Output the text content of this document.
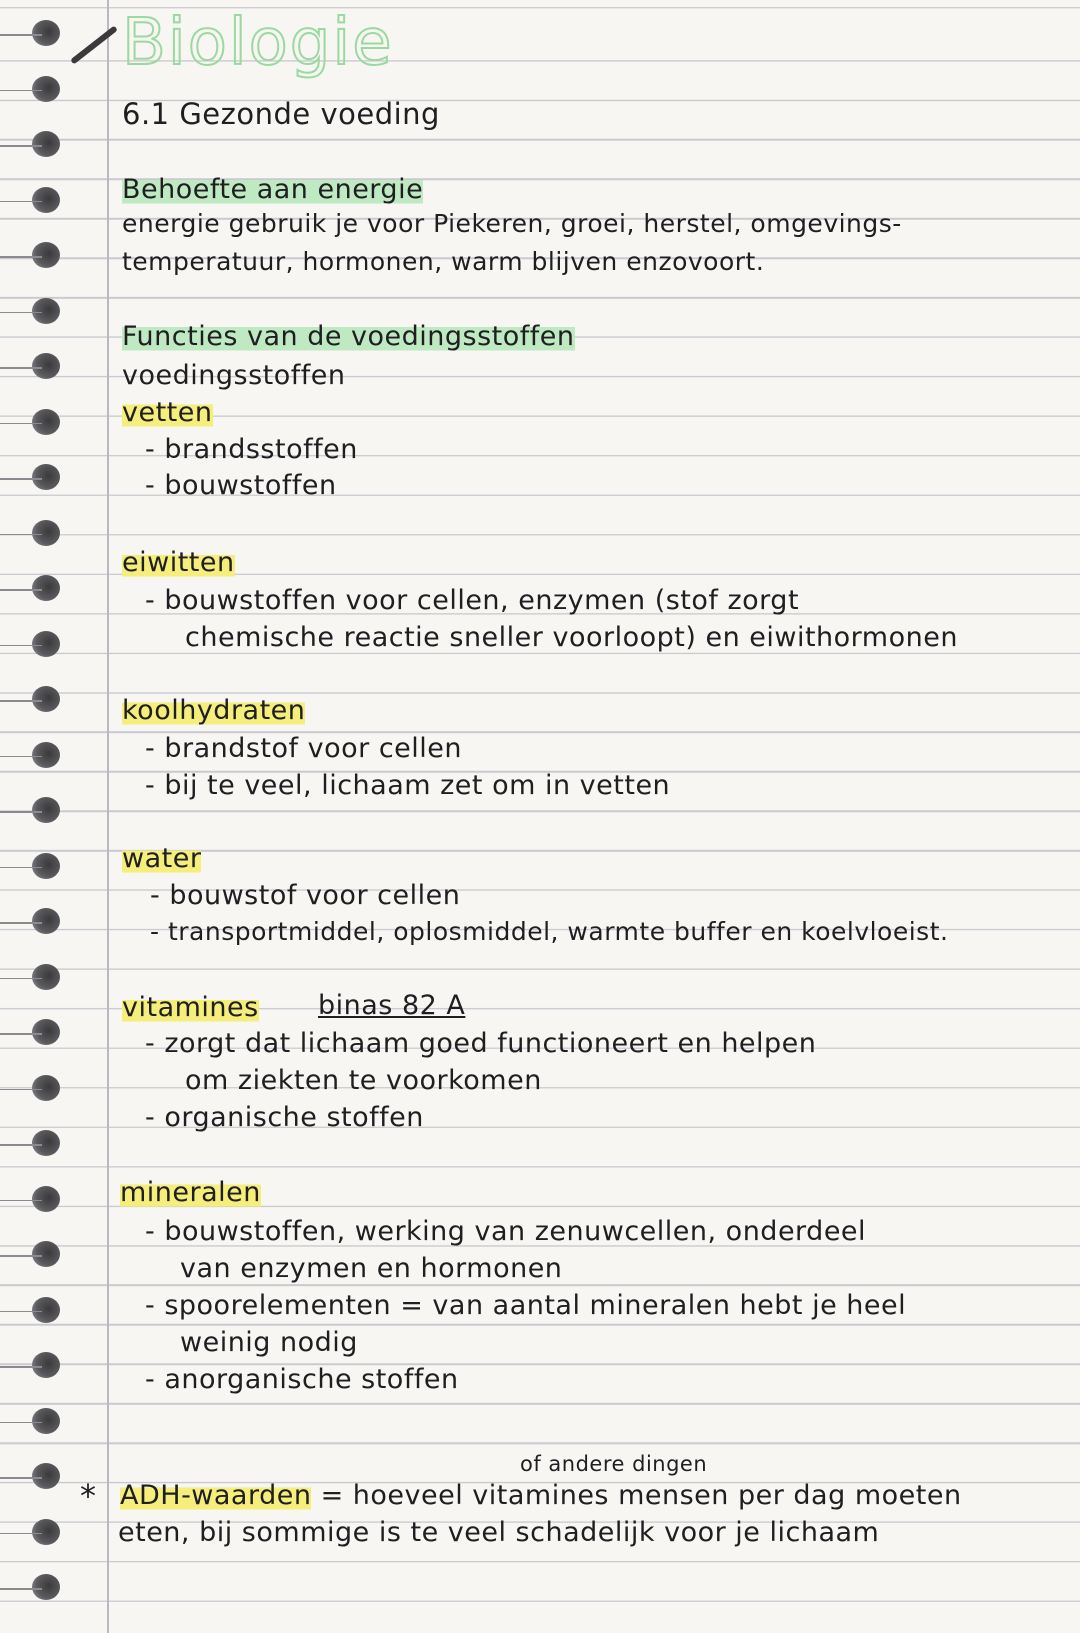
Biologie
6.1 Gezonde voeding
Behoefte aan energie
energie gebruik je voor Piekeren, groei, herstel, omgevings-
temperatuur, hormonen, warm blijven enzovoort.
Functies van de voedingsstoffen
voedingsstoffen
vetten
- brandsstoffen
- bouwstoffen
eiwitten
- bouwstoffen voor cellen, enzymen (stof zorgt
chemische reactie sneller voorloopt) en eiwithormonen
koolhydraten
- brandstof voor cellen
- bij te veel, lichaam zet om in vetten
water
- bouwstof voor cellen
- transportmiddel, oplosmiddel, warmte buffer en koelvloeist.
vitamines binas 82 A
- zorgt dat lichaam goed functioneert en helpen
om ziekten te voorkomen
- organische stoffen
mineralen
- bouwstoffen, werking van zenuwcellen, onderdeel
van enzymen en hormonen
- spoorelementen = van aantal mineralen hebt je heel
weinig nodig
- anorganische stoffen
of andere dingen
* ADH-waarden = hoeveel vitamines mensen per dag moeten
eten, bij sommige is te veel schadelijk voor je lichaam
